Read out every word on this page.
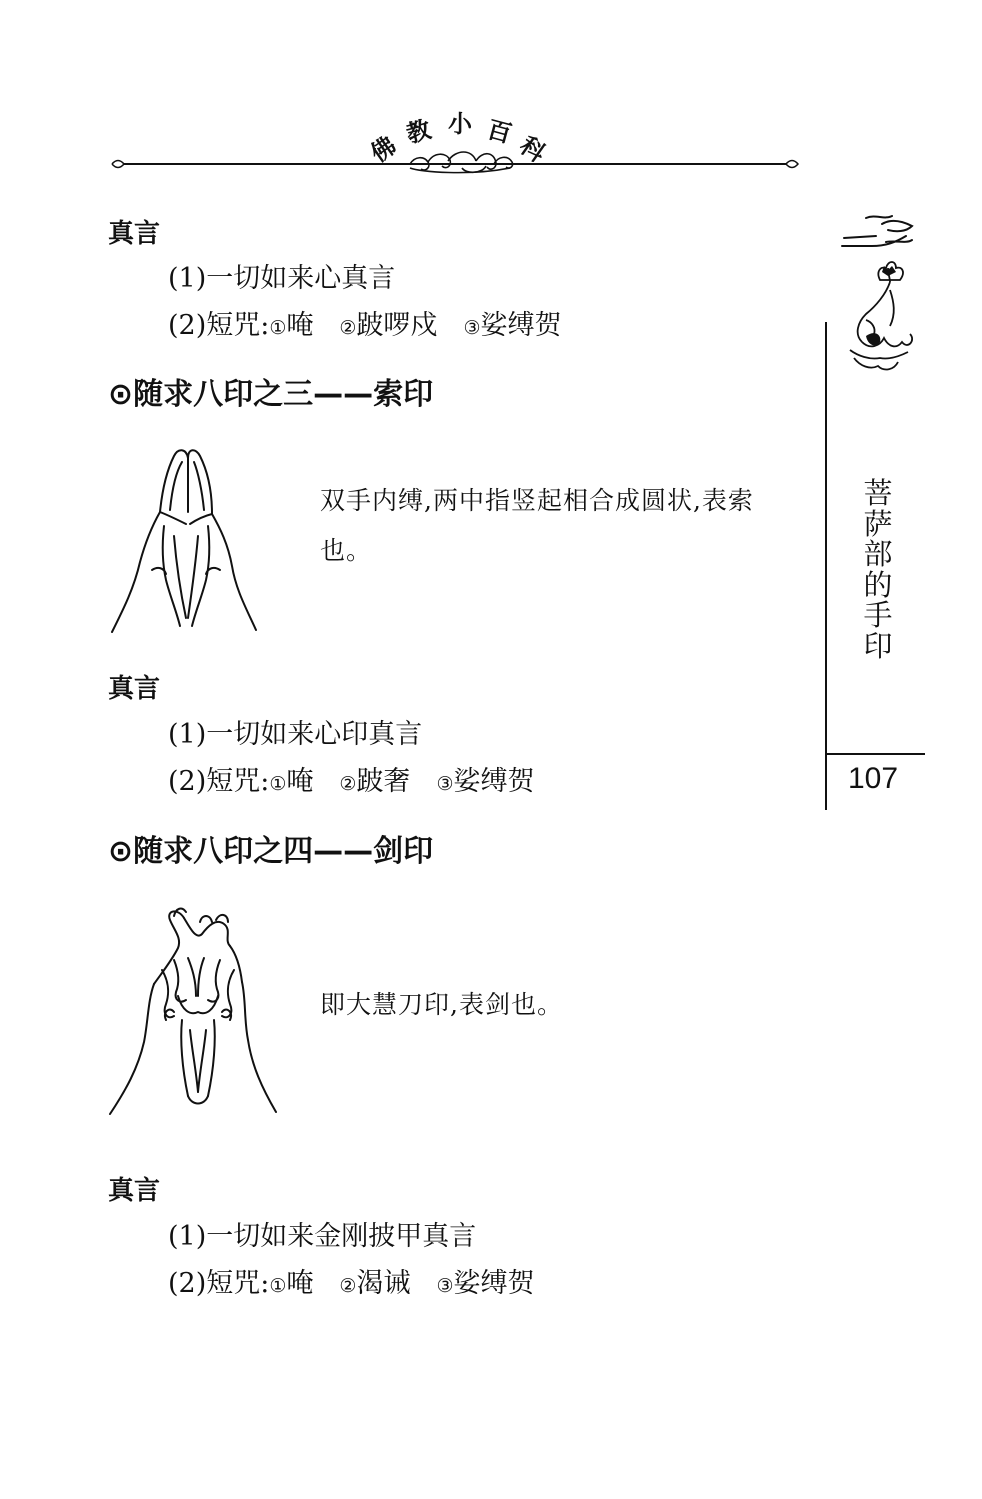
佛 教 小 百 科
真言
(1)一切如来心真言
(2)短咒:①唵 ②跛啰戍 ③娑缚贺
⊙随求八印之三——索印
双手内缚,两中指竖起相合成圆状,表索也。
真言
(1)一切如来心印真言
(2)短咒:①唵 ②跛奢 ③娑缚贺
⊙随求八印之四——剑印
即大慧刀印,表剑也。
真言
(1)一切如来金刚披甲真言
(2)短咒:①唵 ②渴诫 ③娑缚贺
菩
萨
部
的
手
印
107
